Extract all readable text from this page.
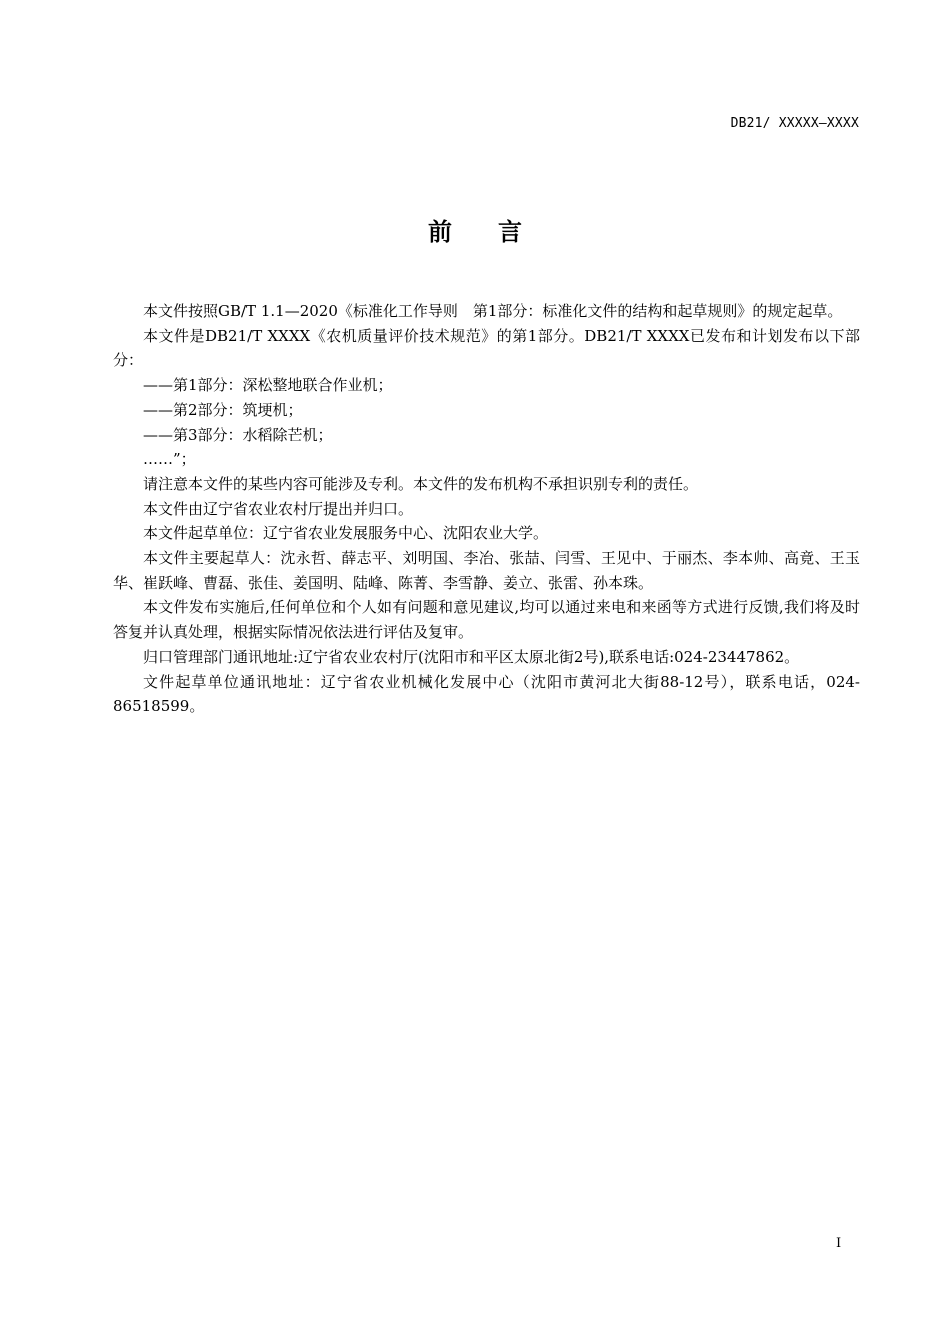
DB21/ XXXXX—XXXX
前言

本文件按照GB/T 1.1—2020《标准化工作导则　第1部分：标准化文件的结构和起草规则》的规定起草。

本文件是DB21/T XXXX《农机质量评价技术规范》的第1部分。DB21/T XXXX已发布和计划发布以下部分：

——第1部分：深松整地联合作业机；

——第2部分：筑埂机；

——第3部分：水稻除芒机；

……”；

请注意本文件的某些内容可能涉及专利。本文件的发布机构不承担识别专利的责任。

本文件由辽宁省农业农村厅提出并归口。

本文件起草单位：辽宁省农业发展服务中心、沈阳农业大学。

本文件主要起草人：沈永哲、薛志平、刘明国、李冶、张喆、闫雪、王见中、于丽杰、李本帅、高竟、王玉华、崔跃峰、曹磊、张佳、姜国明、陆峰、陈菁、李雪静、姜立、张雷、孙本珠。

本文件发布实施后,任何单位和个人如有问题和意见建议,均可以通过来电和来函等方式进行反馈,我们将及时答复并认真处理，根据实际情况依法进行评估及复审。

归口管理部门通讯地址:辽宁省农业农村厅(沈阳市和平区太原北街2号),联系电话:024-23447862。

文件起草单位通讯地址：辽宁省农业机械化发展中心（沈阳市黄河北大街88-12号），联系电话，024-86518599。

I
